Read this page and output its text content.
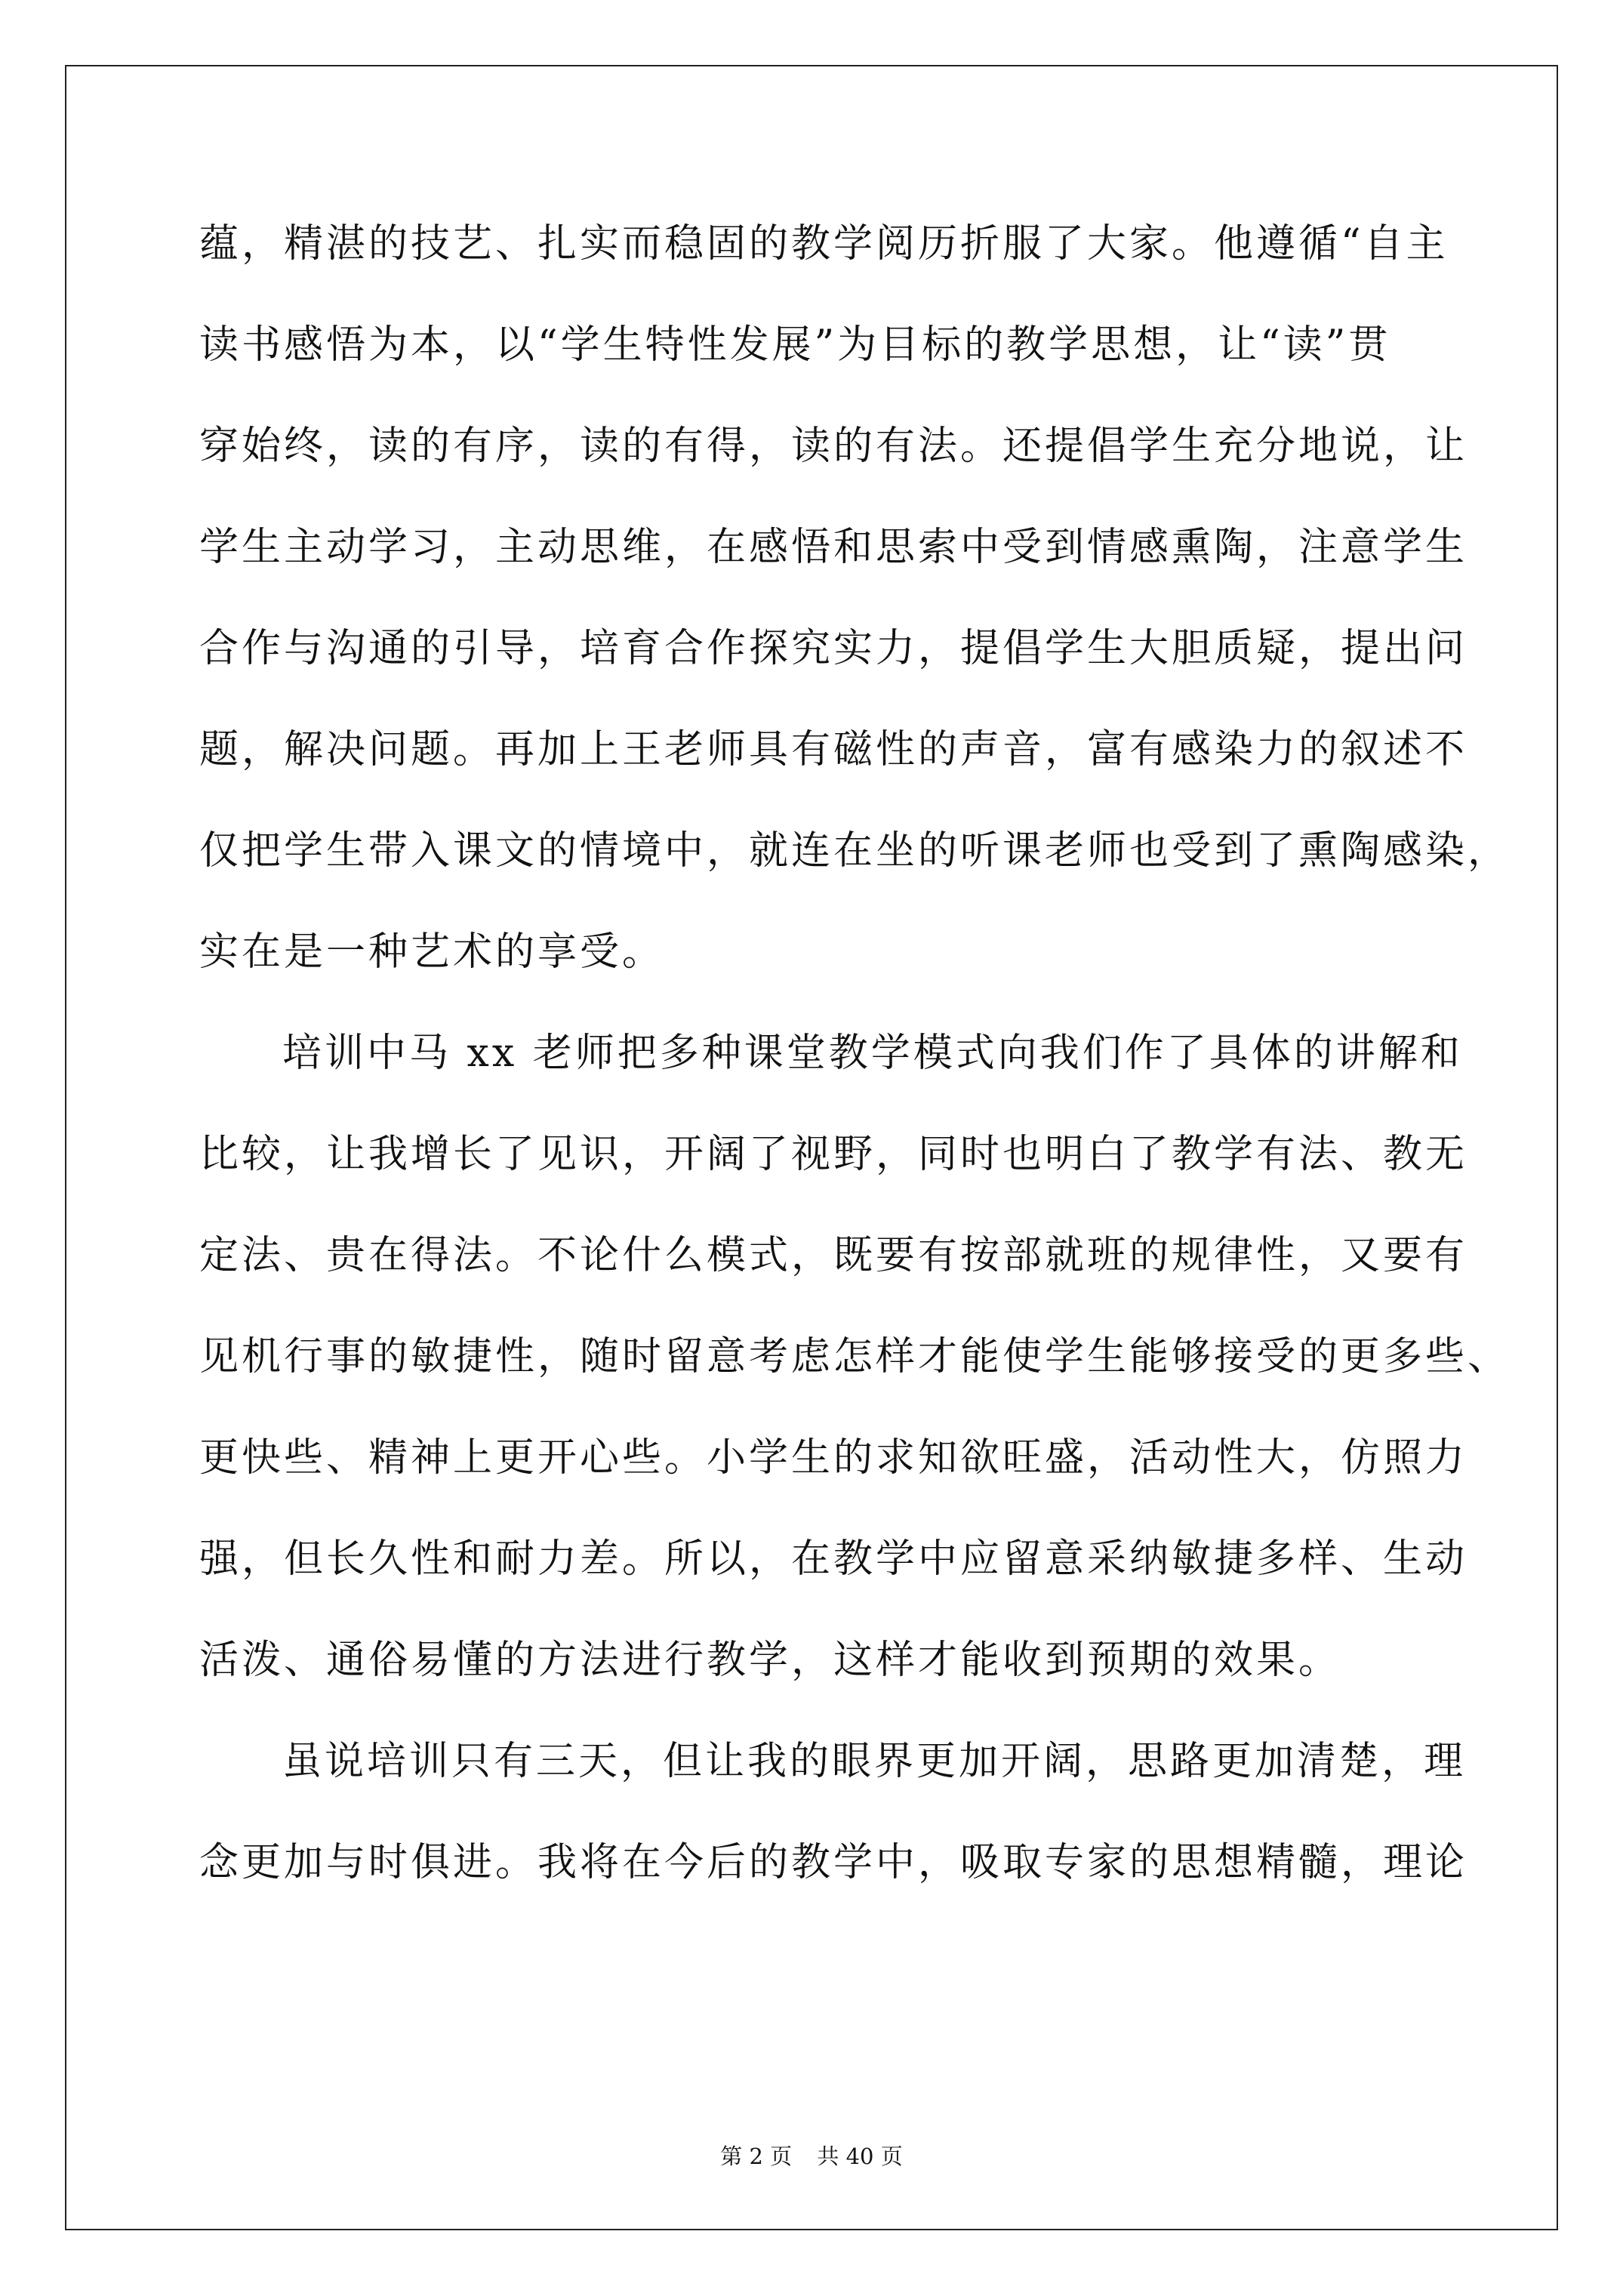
蕴，精湛的技艺、扎实而稳固的教学阅历折服了大家。他遵循“自主
读书感悟为本，以“学生特性发展”为目标的教学思想，让“读”贯
穿始终，读的有序，读的有得，读的有法。还提倡学生充分地说，让
学生主动学习，主动思维，在感悟和思索中受到情感熏陶，注意学生
合作与沟通的引导，培育合作探究实力，提倡学生大胆质疑，提出问
题，解决问题。再加上王老师具有磁性的声音，富有感染力的叙述不
仅把学生带入课文的情境中，就连在坐的听课老师也受到了熏陶感染，
实在是一种艺术的享受。
培训中马 xx 老师把多种课堂教学模式向我们作了具体的讲解和
比较，让我增长了见识，开阔了视野，同时也明白了教学有法、教无
定法、贵在得法。不论什么模式，既要有按部就班的规律性，又要有
见机行事的敏捷性，随时留意考虑怎样才能使学生能够接受的更多些、
更快些、精神上更开心些。小学生的求知欲旺盛，活动性大，仿照力
强，但长久性和耐力差。所以，在教学中应留意采纳敏捷多样、生动
活泼、通俗易懂的方法进行教学，这样才能收到预期的效果。
虽说培训只有三天，但让我的眼界更加开阔，思路更加清楚，理
念更加与时俱进。我将在今后的教学中，吸取专家的思想精髓，理论
第 2 页 共 40 页
